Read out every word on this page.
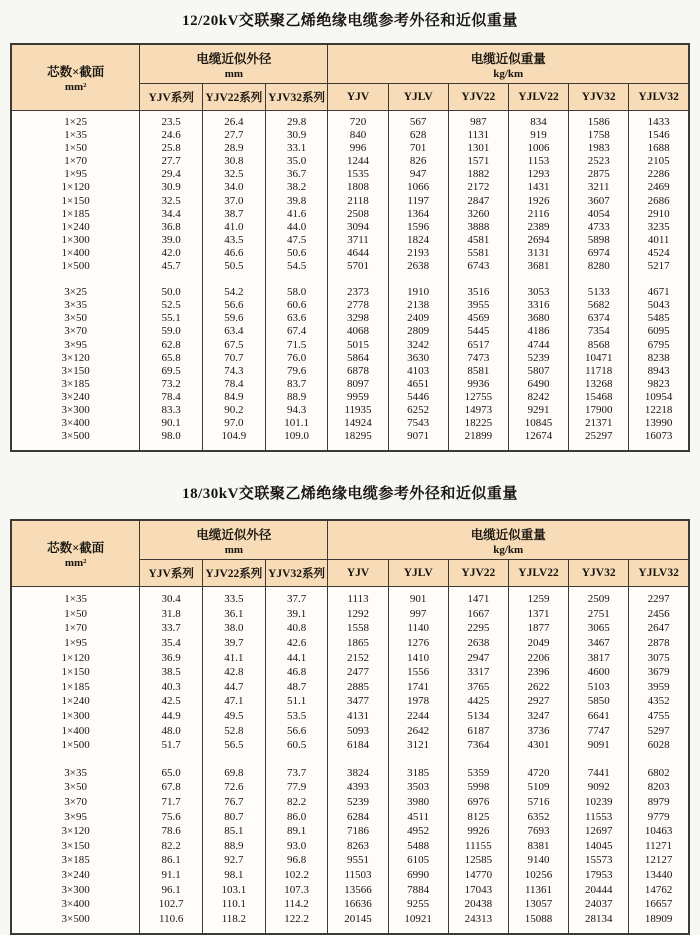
12/20kV交联聚乙烯绝缘电缆参考外径和近似重量
芯数×截面
mm²

电缆近似外径
mm

电缆近似重量
kg/km

	YJV系列	YJV22系列	YJV32系列	YJV	YJLV	YJV22	YJLV22	YJV32	YJLV32
1×25	23.5	26.4	29.8	720	567	987	834	1586	1433
1×35	24.6	27.7	30.9	840	628	1131	919	1758	1546
1×50	25.8	28.9	33.1	996	701	1301	1006	1983	1688
1×70	27.7	30.8	35.0	1244	826	1571	1153	2523	2105
1×95	29.4	32.5	36.7	1535	947	1882	1293	2875	2286
1×120	30.9	34.0	38.2	1808	1066	2172	1431	3211	2469
1×150	32.5	37.0	39.8	2118	1197	2847	1926	3607	2686
1×185	34.4	38.7	41.6	2508	1364	3260	2116	4054	2910
1×240	36.8	41.0	44.0	3094	1596	3888	2389	4733	3235
1×300	39.0	43.5	47.5	3711	1824	4581	2694	5898	4011
1×400	42.0	46.6	50.6	4644	2193	5581	3131	6974	4524
1×500	45.7	50.5	54.5	5701	2638	6743	3681	8280	5217

3×25	50.0	54.2	58.0	2373	1910	3516	3053	5133	4671
3×35	52.5	56.6	60.6	2778	2138	3955	3316	5682	5043
3×50	55.1	59.6	63.6	3298	2409	4569	3680	6374	5485
3×70	59.0	63.4	67.4	4068	2809	5445	4186	7354	6095
3×95	62.8	67.5	71.5	5015	3242	6517	4744	8568	6795
3×120	65.8	70.7	76.0	5864	3630	7473	5239	10471	8238
3×150	69.5	74.3	79.6	6878	4103	8581	5807	11718	8943
3×185	73.2	78.4	83.7	8097	4651	9936	6490	13268	9823
3×240	78.4	84.9	88.9	9959	5446	12755	8242	15468	10954
3×300	83.3	90.2	94.3	11935	6252	14973	9291	17900	12218
3×400	90.1	97.0	101.1	14924	7543	18225	10845	21371	13990
3×500	98.0	104.9	109.0	18295	9071	21899	12674	25297	16073
18/30kV交联聚乙烯绝缘电缆参考外径和近似重量
芯数×截面
mm²

电缆近似外径
mm

电缆近似重量
kg/km

	YJV系列	YJV22系列	YJV32系列	YJV	YJLV	YJV22	YJLV22	YJV32	YJLV32
1×35	30.4	33.5	37.7	1113	901	1471	1259	2509	2297
1×50	31.8	36.1	39.1	1292	997	1667	1371	2751	2456
1×70	33.7	38.0	40.8	1558	1140	2295	1877	3065	2647
1×95	35.4	39.7	42.6	1865	1276	2638	2049	3467	2878
1×120	36.9	41.1	44.1	2152	1410	2947	2206	3817	3075
1×150	38.5	42.8	46.8	2477	1556	3317	2396	4600	3679
1×185	40.3	44.7	48.7	2885	1741	3765	2622	5103	3959
1×240	42.5	47.1	51.1	3477	1978	4425	2927	5850	4352
1×300	44.9	49.5	53.5	4131	2244	5134	3247	6641	4755
1×400	48.0	52.8	56.6	5093	2642	6187	3736	7747	5297
1×500	51.7	56.5	60.5	6184	3121	7364	4301	9091	6028

3×35	65.0	69.8	73.7	3824	3185	5359	4720	7441	6802
3×50	67.8	72.6	77.9	4393	3503	5998	5109	9092	8203
3×70	71.7	76.7	82.2	5239	3980	6976	5716	10239	8979
3×95	75.6	80.7	86.0	6284	4511	8125	6352	11553	9779
3×120	78.6	85.1	89.1	7186	4952	9926	7693	12697	10463
3×150	82.2	88.9	93.0	8263	5488	11155	8381	14045	11271
3×185	86.1	92.7	96.8	9551	6105	12585	9140	15573	12127
3×240	91.1	98.1	102.2	11503	6990	14770	10256	17953	13440
3×300	96.1	103.1	107.3	13566	7884	17043	11361	20444	14762
3×400	102.7	110.1	114.2	16636	9255	20438	13057	24037	16657
3×500	110.6	118.2	122.2	20145	10921	24313	15088	28134	18909
